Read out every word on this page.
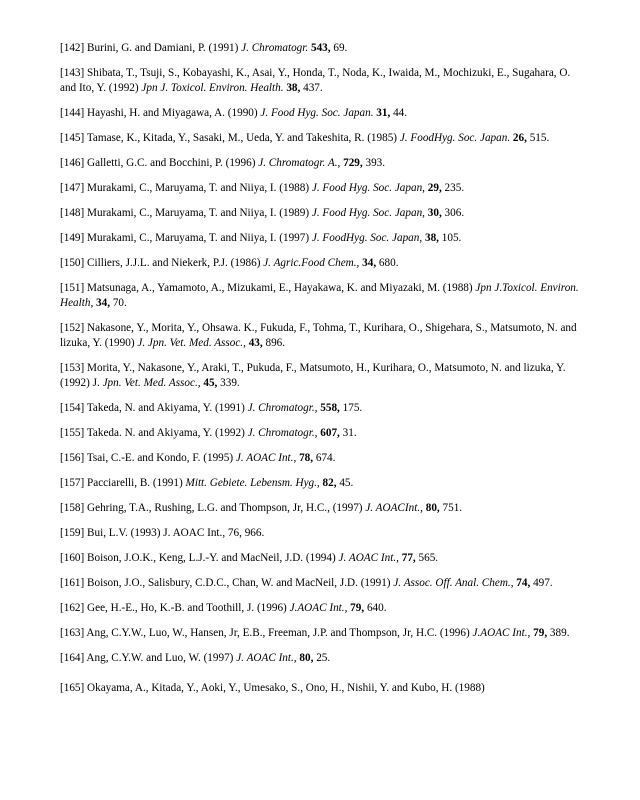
[142] Burini, G. and Damiani, P. (1991) J. Chromatogr. 543, 69.
[143] Shibata, T., Tsuji, S., Kobayashi, K., Asai, Y., Honda, T., Noda, K., Iwaida, M., Mochizuki, E., Sugahara, O. and Ito, Y. (1992) Jpn J. Toxicol. Environ. Health. 38, 437.
[144] Hayashi, H. and Miyagawa, A. (1990) J. Food Hyg. Soc. Japan. 31, 44.
[145] Tamase, K., Kitada, Y., Sasaki, M., Ueda, Y. and Takeshita, R. (1985) J. FoodHyg. Soc. Japan. 26, 515.
[146] Galletti, G.C. and Bocchini, P. (1996) J. Chromatogr. A., 729, 393.
[147] Murakami, C., Maruyama, T. and Niiya, I. (1988) J. Food Hyg. Soc. Japan, 29, 235.
[148] Murakami, C., Maruyama, T. and Niiya, I. (1989) J. Food Hyg. Soc. Japan, 30, 306.
[149] Murakami, C., Maruyama, T. and Niiya, I. (1997) J. FoodHyg. Soc. Japan, 38, 105.
[150] Cilliers, J.J.L. and Niekerk, P.J. (1986) J. Agric.Food Chem., 34, 680.
[151] Matsunaga, A., Yamamoto, A., Mizukami, E., Hayakawa, K. and Miyazaki, M. (1988) Jpn J.Toxicol. Environ. Health, 34, 70.
[152] Nakasone, Y., Morita, Y., Ohsawa. K., Fukuda, F., Tohma, T., Kurihara, O., Shigehara, S., Matsumoto, N. and lizuka, Y. (1990) J. Jpn. Vet. Med. Assoc., 43, 896.
[153] Morita, Y., Nakasone, Y., Araki, T., Pukuda, F., Matsumoto, H., Kurihara, O., Matsumoto, N. and lizuka, Y. (1992) J. Jpn. Vet. Med. Assoc., 45, 339.
[154] Takeda, N. and Akiyama, Y. (1991) J. Chromatogr., 558, 175.
[155] Takeda. N. and Akiyama, Y. (1992) J. Chromatogr., 607, 31.
[156] Tsai, C.-E. and Kondo, F. (1995) J. AOAC Int., 78, 674.
[157] Pacciarelli, B. (1991) Mitt. Gebiete. Lebensm. Hyg., 82, 45.
[158] Gehring, T.A., Rushing, L.G. and Thompson, Jr, H.C., (1997) J. AOACInt., 80, 751.
[159] Bui, L.V. (1993) J. AOAC Int., 76, 966.
[160] Boison, J.O.K., Keng, L.J.-Y. and MacNeil, J.D. (1994) J. AOAC Int., 77, 565.
[161] Boison, J.O., Salisbury, C.D.C., Chan, W. and MacNeil, J.D. (1991) J. Assoc. Off. Anal. Chem., 74, 497.
[162] Gee, H.-E., Ho, K.-B. and Toothill, J. (1996) J.AOAC Int., 79, 640.
[163] Ang, C.Y.W., Luo, W., Hansen, Jr, E.B., Freeman, J.P. and Thompson, Jr, H.C. (1996) J.AOAC Int., 79, 389.
[164] Ang, C.Y.W. and Luo, W. (1997) J. AOAC Int., 80, 25.
[165] Okayama, A., Kitada, Y., Aoki, Y., Umesako, S., Ono, H., Nishii, Y. and Kubo, H. (1988)
